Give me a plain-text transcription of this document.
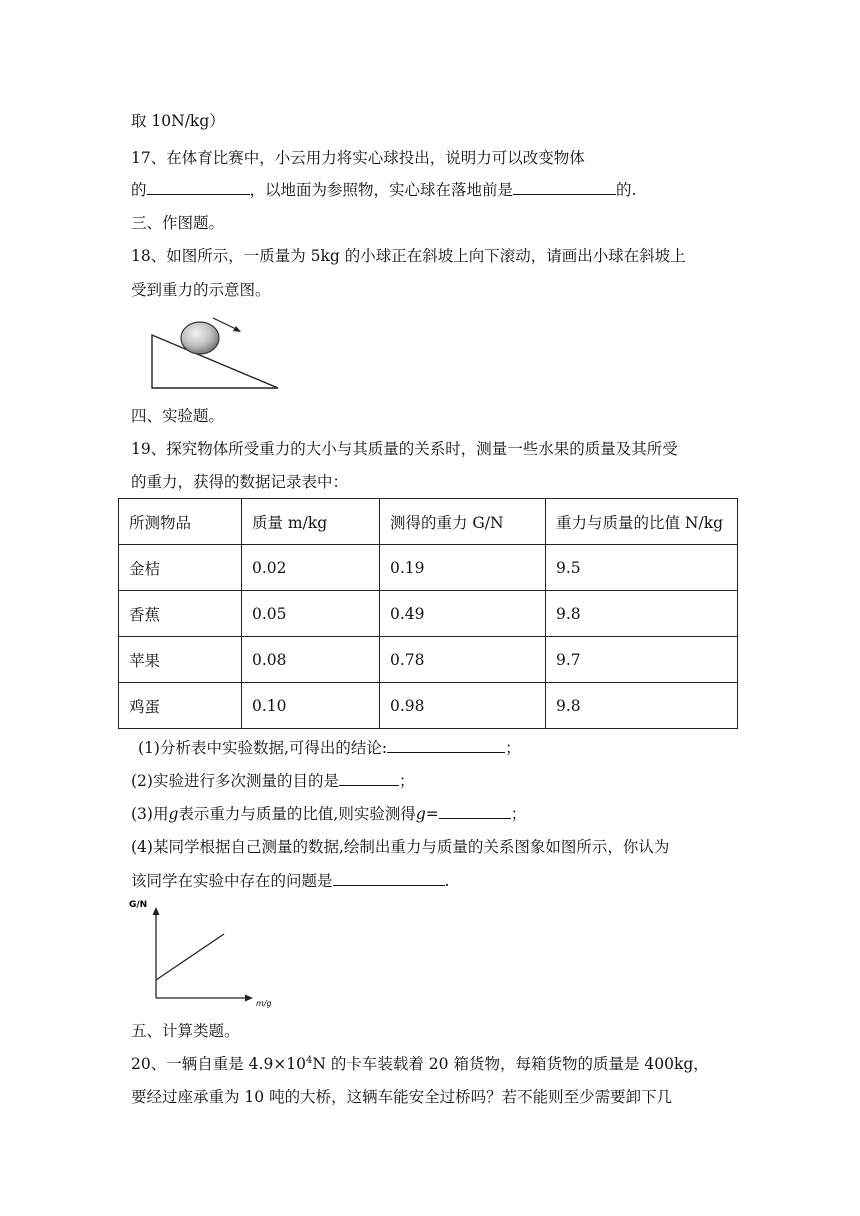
取 10N/kg）
17、在体育比赛中，小云用力将实心球投出，说明力可以改变物体
的	，以地面为参照物，实心球在落地前是	的.
三、作图题。
18、如图所示，一质量为 5kg 的小球正在斜坡上向下滚动，请画出小球在斜坡上
受到重力的示意图。
四、实验题。
19、探究物体所受重力的大小与其质量的关系时，测量一些水果的质量及其所受
的重力，获得的数据记录表中：
所测物品	质量 m/kg	测得的重力 G/N	重力与质量的比值 N/kg
金桔	0.02	0.19	9.5
香蕉	0.05	0.49	9.8
苹果	0.08	0.78	9.7
鸡蛋	0.10	0.98	9.8
(1)分析表中实验数据,可得出的结论:	；
(2)实验进行多次测量的目的是	；
(3)用g表示重力与质量的比值,则实验测得g=	；
(4)某同学根据自己测量的数据,绘制出重力与质量的关系图象如图所示，你认为
该同学在实验中存在的问题是	.
G/N
m/g
五、计算类题。
20、一辆自重是 $4.9\times 10^4N$ 的卡车装载着 20 箱货物，每箱货物的质量是 400kg，
要经过座承重为 10 吨的大桥，这辆车能安全过桥吗？若不能则至少需要卸下几
